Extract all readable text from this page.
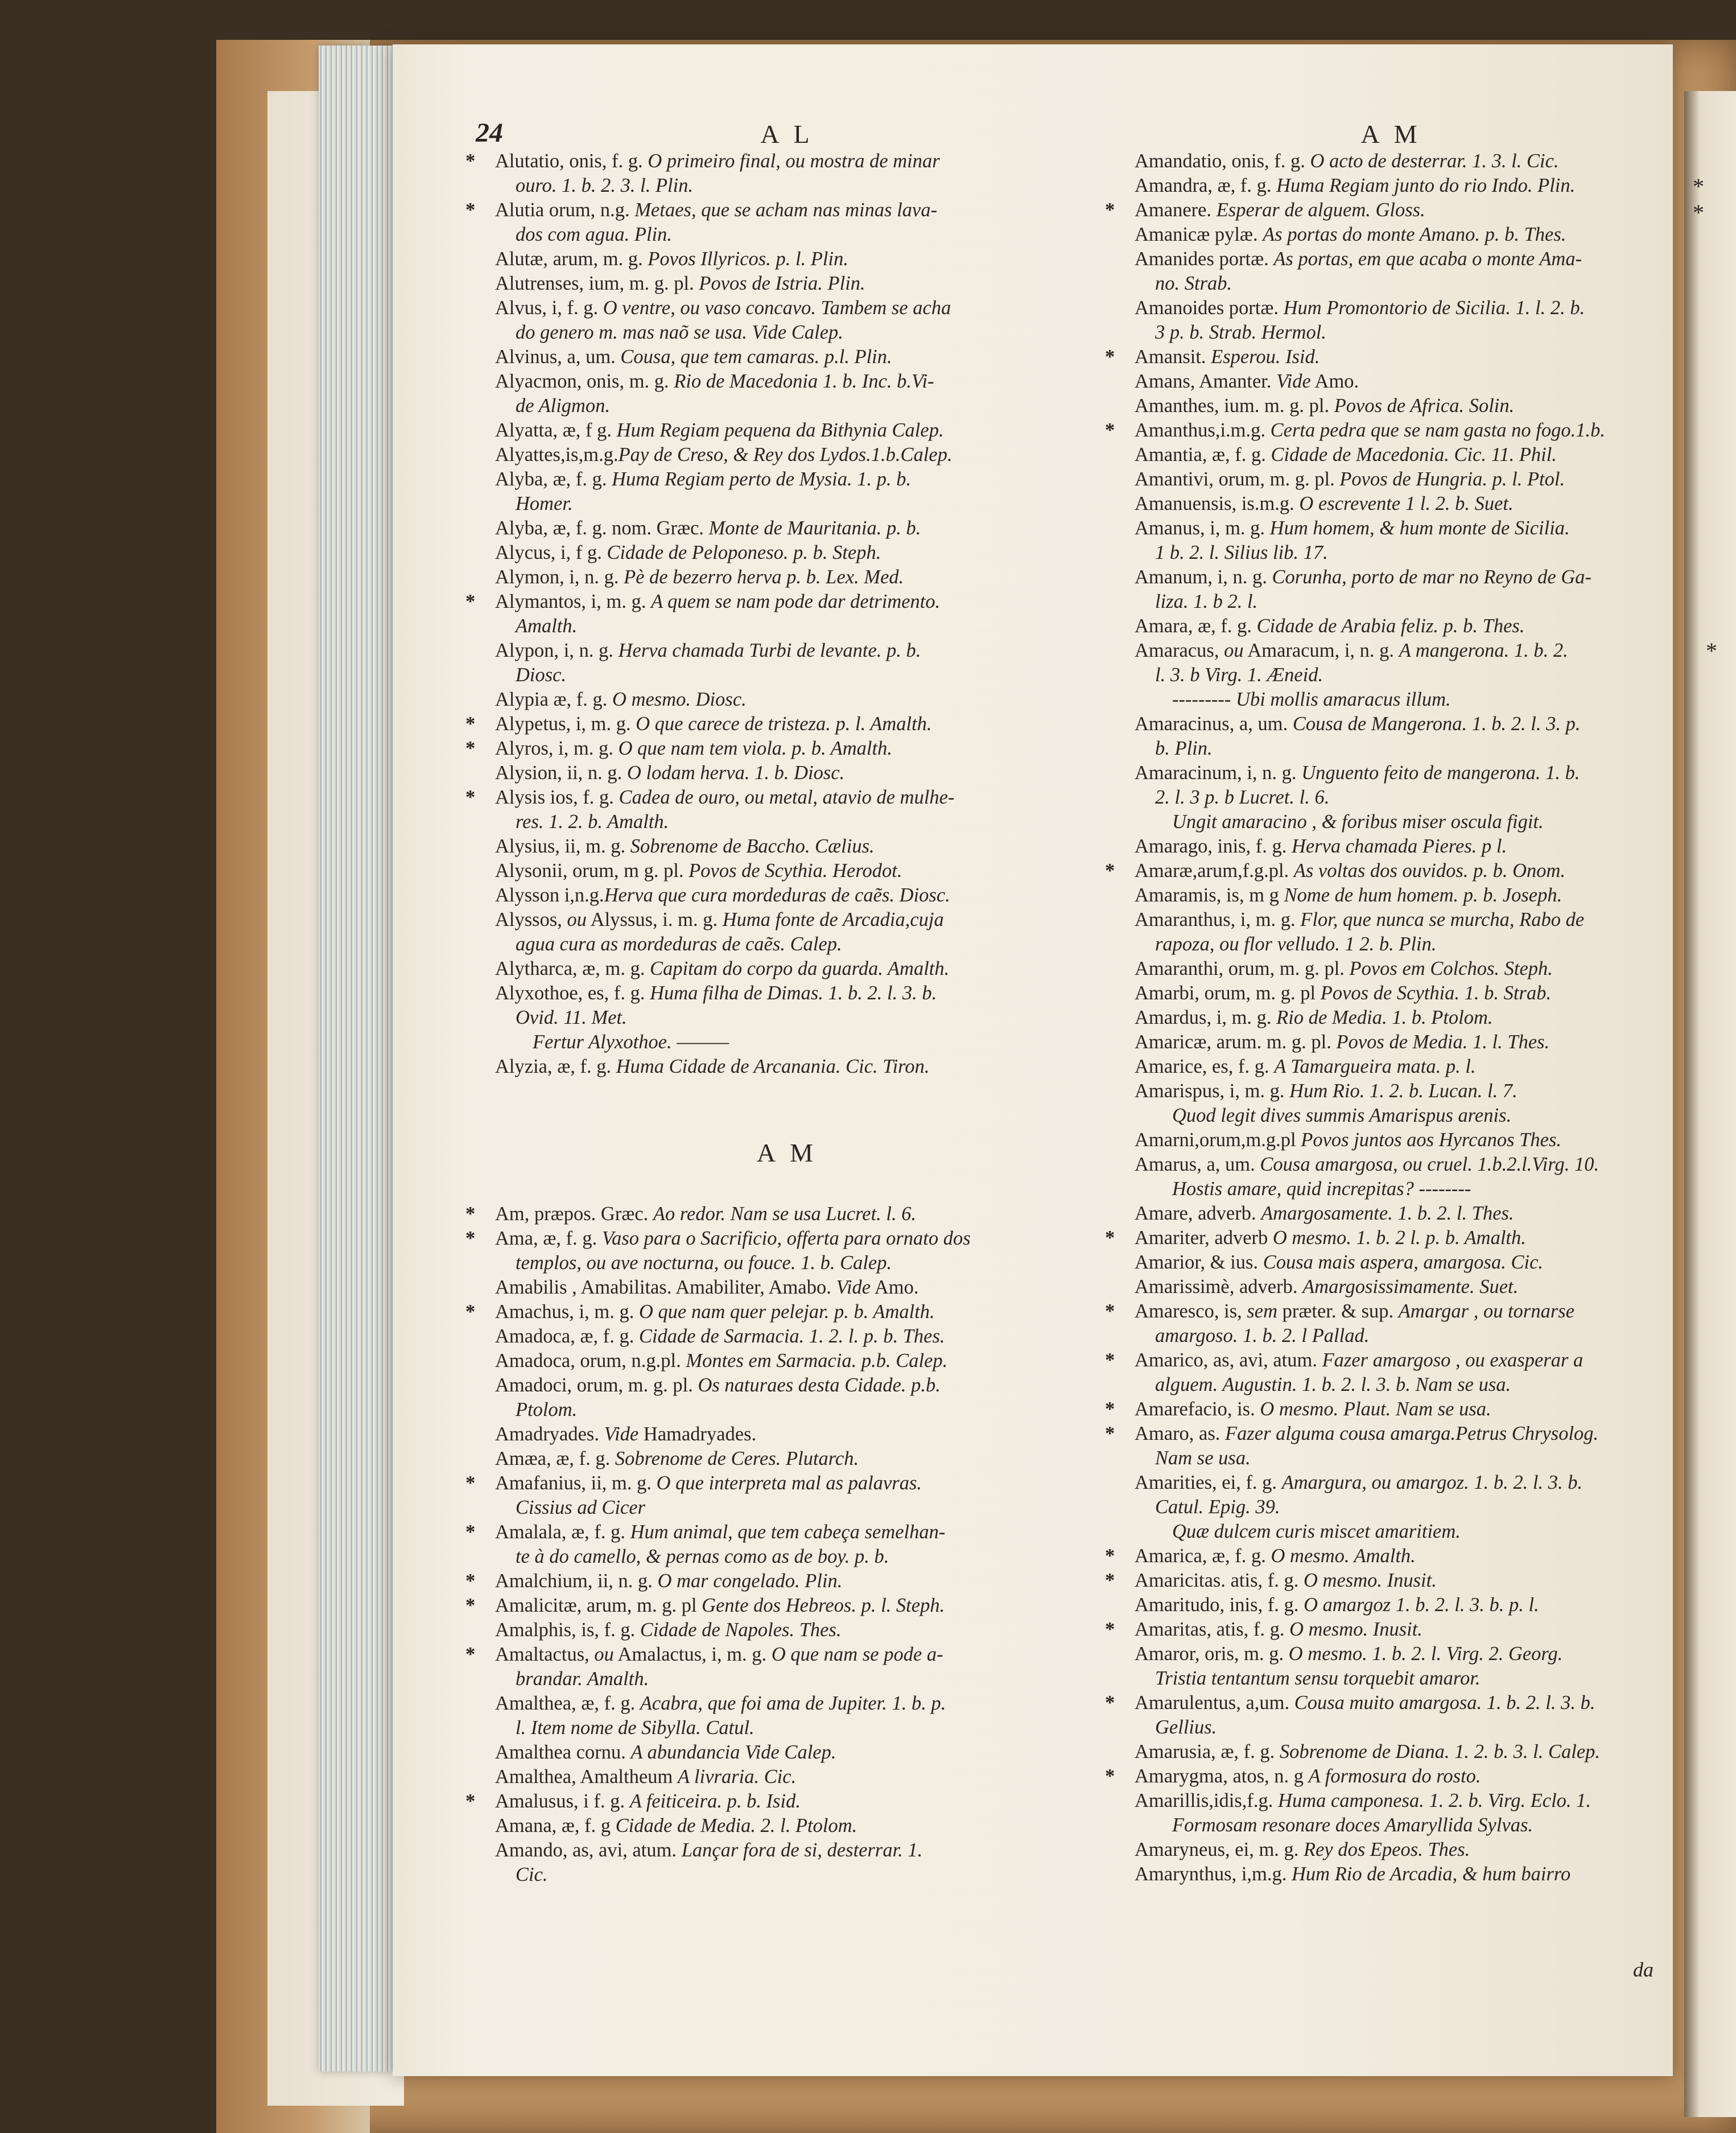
24	A L
* Alutatio, onis, f. g. O primeiro final, ou mostra de minar
ouro. 1. b. 2. 3. l. Plin.
* Alutia orum, n.g. Metaes, que se acham nas minas lava-
dos com agua. Plin.
Alutæ, arum, m. g. Povos Illyricos. p. l. Plin.
Alutrenses, ium, m. g. pl. Povos de Istria. Plin.
Alvus, i, f. g. O ventre, ou vaso concavo. Tambem se acha
do genero m. mas naõ se usa. Vide Calep.
Alvinus, a, um. Cousa, que tem camaras. p.l. Plin.
Alyacmon, onis, m. g. Rio de Macedonia 1. b. Inc. b.Vi-
de Aligmon.
Alyatta, æ, f g. Hum Regiam pequena da Bithynia Calep.
Alyattes,is,m.g.Pay de Creso, & Rey dos Lydos.1.b.Calep.
Alyba, æ, f. g. Huma Regiam perto de Mysia. 1. p. b.
Homer.
Alyba, æ, f. g. nom. Græc. Monte de Mauritania. p. b.
Alycus, i, f g. Cidade de Peloponeso. p. b. Steph.
Alymon, i, n. g. Pè de bezerro herva p. b. Lex. Med.
* Alymantos, i, m. g. A quem se nam pode dar detrimento.
Amalth.
Alypon, i, n. g. Herva chamada Turbi de levante. p. b.
Diosc.
Alypia æ, f. g. O mesmo. Diosc.
* Alypetus, i, m. g. O que carece de tristeza. p. l. Amalth.
* Alyros, i, m. g. O que nam tem viola. p. b. Amalth.
Alysion, ii, n. g. O lodam herva. 1. b. Diosc.
* Alysis ios, f. g. Cadea de ouro, ou metal, atavio de mulhe-
res. 1. 2. b. Amalth.
Alysius, ii, m. g. Sobrenome de Baccho. Cælius.
Alysonii, orum, m g. pl. Povos de Scythia. Herodot.
Alysson i,n.g.Herva que cura mordeduras de caẽs. Diosc.
Alyssos, ou Alyssus, i. m. g. Huma fonte de Arcadia,cuja
agua cura as mordeduras de caẽs. Calep.
Alytharca, æ, m. g. Capitam do corpo da guarda. Amalth.
Alyxothoe, es, f. g. Huma filha de Dimas. 1. b. 2. l. 3. b.
Ovid. 11. Met.
Fertur Alyxothoe. ———
Alyzia, æ, f. g. Huma Cidade de Arcanania. Cic. Tiron.
A M
* Am, præpos. Græc. Ao redor. Nam se usa Lucret. l. 6.
* Ama, æ, f. g. Vaso para o Sacrificio, offerta para ornato dos
templos, ou ave nocturna, ou fouce. 1. b. Calep.
Amabilis , Amabilitas. Amabiliter, Amabo. Vide Amo.
* Amachus, i, m. g. O que nam quer pelejar. p. b. Amalth.
Amadoca, æ, f. g. Cidade de Sarmacia. 1. 2. l. p. b. Thes.
Amadoca, orum, n.g.pl. Montes em Sarmacia. p.b. Calep.
Amadoci, orum, m. g. pl. Os naturaes desta Cidade. p.b.
Ptolom.
Amadryades. Vide Hamadryades.
Amæa, æ, f. g. Sobrenome de Ceres. Plutarch.
* Amafanius, ii, m. g. O que interpreta mal as palavras.
Cissius ad Cicer
* Amalala, æ, f. g. Hum animal, que tem cabeça semelhan-
te à do camello, & pernas como as de boy. p. b.
* Amalchium, ii, n. g. O mar congelado. Plin.
* Amalicitæ, arum, m. g. pl Gente dos Hebreos. p. l. Steph.
Amalphis, is, f. g. Cidade de Napoles. Thes.
* Amaltactus, ou Amalactus, i, m. g. O que nam se pode a-
brandar. Amalth.
Amalthea, æ, f. g. Acabra, que foi ama de Jupiter. 1. b. p.
l. Item nome de Sibylla. Catul.
Amalthea cornu. A abundancia Vide Calep.
Amalthea, Amaltheum A livraria. Cic.
* Amalusus, i f. g. A feiticeira. p. b. Isid.
Amana, æ, f. g Cidade de Media. 2. l. Ptolom.
Amando, as, avi, atum. Lançar fora de si, desterrar. 1.
Cic.
A M
Amandatio, onis, f. g. O acto de desterrar. 1. 3. l. Cic.
Amandra, æ, f. g. Huma Regiam junto do rio Indo. Plin.
* Amanere. Esperar de alguem. Gloss.
Amanicæ pylæ. As portas do monte Amano. p. b. Thes.
Amanides portæ. As portas, em que acaba o monte Ama-
no. Strab.
Amanoides portæ. Hum Promontorio de Sicilia. 1. l. 2. b.
3 p. b. Strab. Hermol.
* Amansit. Esperou. Isid.
Amans, Amanter. Vide Amo.
Amanthes, ium. m. g. pl. Povos de Africa. Solin.
* Amanthus,i.m.g. Certa pedra que se nam gasta no fogo.1.b.
Amantia, æ, f. g. Cidade de Macedonia. Cic. 11. Phil.
Amantivi, orum, m. g. pl. Povos de Hungria. p. l. Ptol.
Amanuensis, is.m.g. O escrevente 1 l. 2. b. Suet.
Amanus, i, m. g. Hum homem, & hum monte de Sicilia.
1 b. 2. l. Silius lib. 17.
Amanum, i, n. g. Corunha, porto de mar no Reyno de Ga-
liza. 1. b 2. l.
Amara, æ, f. g. Cidade de Arabia feliz. p. b. Thes.
Amaracus, ou Amaracum, i, n. g. A mangerona. 1. b. 2.
l. 3. b Virg. 1. Æneid.
--------- Ubi mollis amaracus illum.
Amaracinus, a, um. Cousa de Mangerona. 1. b. 2. l. 3. p.
b. Plin.
Amaracinum, i, n. g. Unguento feito de mangerona. 1. b.
2. l. 3 p. b Lucret. l. 6.
Ungit amaracino , & foribus miser oscula figit.
Amarago, inis, f. g. Herva chamada Pieres. p l.
* Amaræ,arum,f.g.pl. As voltas dos ouvidos. p. b. Onom.
Amaramis, is, m g Nome de hum homem. p. b. Joseph.
Amaranthus, i, m. g. Flor, que nunca se murcha, Rabo de
rapoza, ou flor velludo. 1 2. b. Plin.
Amaranthi, orum, m. g. pl. Povos em Colchos. Steph.
Amarbi, orum, m. g. pl Povos de Scythia. 1. b. Strab.
Amardus, i, m. g. Rio de Media. 1. b. Ptolom.
Amaricæ, arum. m. g. pl. Povos de Media. 1. l. Thes.
Amarice, es, f. g. A Tamargueira mata. p. l.
Amarispus, i, m. g. Hum Rio. 1. 2. b. Lucan. l. 7.
Quod legit dives summis Amarispus arenis.
Amarni,orum,m.g.pl Povos juntos aos Hyrcanos Thes.
Amarus, a, um. Cousa amargosa, ou cruel. 1.b.2.l.Virg. 10.
Hostis amare, quid increpitas? --------
Amare, adverb. Amargosamente. 1. b. 2. l. Thes.
* Amariter, adverb O mesmo. 1. b. 2 l. p. b. Amalth.
Amarior, & ius. Cousa mais aspera, amargosa. Cic.
Amarissimè, adverb. Amargosissimamente. Suet.
* Amaresco, is, sem præter. & sup. Amargar , ou tornarse
amargoso. 1. b. 2. l Pallad.
* Amarico, as, avi, atum. Fazer amargoso , ou exasperar a
alguem. Augustin. 1. b. 2. l. 3. b. Nam se usa.
* Amarefacio, is. O mesmo. Plaut. Nam se usa.
* Amaro, as. Fazer alguma cousa amarga.Petrus Chrysolog.
Nam se usa.
Amarities, ei, f. g. Amargura, ou amargoz. 1. b. 2. l. 3. b.
Catul. Epig. 39.
Quæ dulcem curis miscet amaritiem.
* Amarica, æ, f. g. O mesmo. Amalth.
* Amaricitas. atis, f. g. O mesmo. Inusit.
Amaritudo, inis, f. g. O amargoz 1. b. 2. l. 3. b. p. l.
* Amaritas, atis, f. g. O mesmo. Inusit.
Amaror, oris, m. g. O mesmo. 1. b. 2. l. Virg. 2. Georg.
Tristia tentantum sensu torquebit amaror.
* Amarulentus, a,um. Cousa muito amargosa. 1. b. 2. l. 3. b.
Gellius.
Amarusia, æ, f. g. Sobrenome de Diana. 1. 2. b. 3. l. Calep.
* Amarygma, atos, n. g A formosura do rosto.
Amarillis,idis,f.g. Huma camponesa. 1. 2. b. Virg. Eclo. 1.
Formosam resonare doces Amaryllida Sylvas.
Amaryneus, ei, m. g. Rey dos Epeos. Thes.
Amarynthus, i,m.g. Hum Rio de Arcadia, & hum bairro
*
*
*
da
